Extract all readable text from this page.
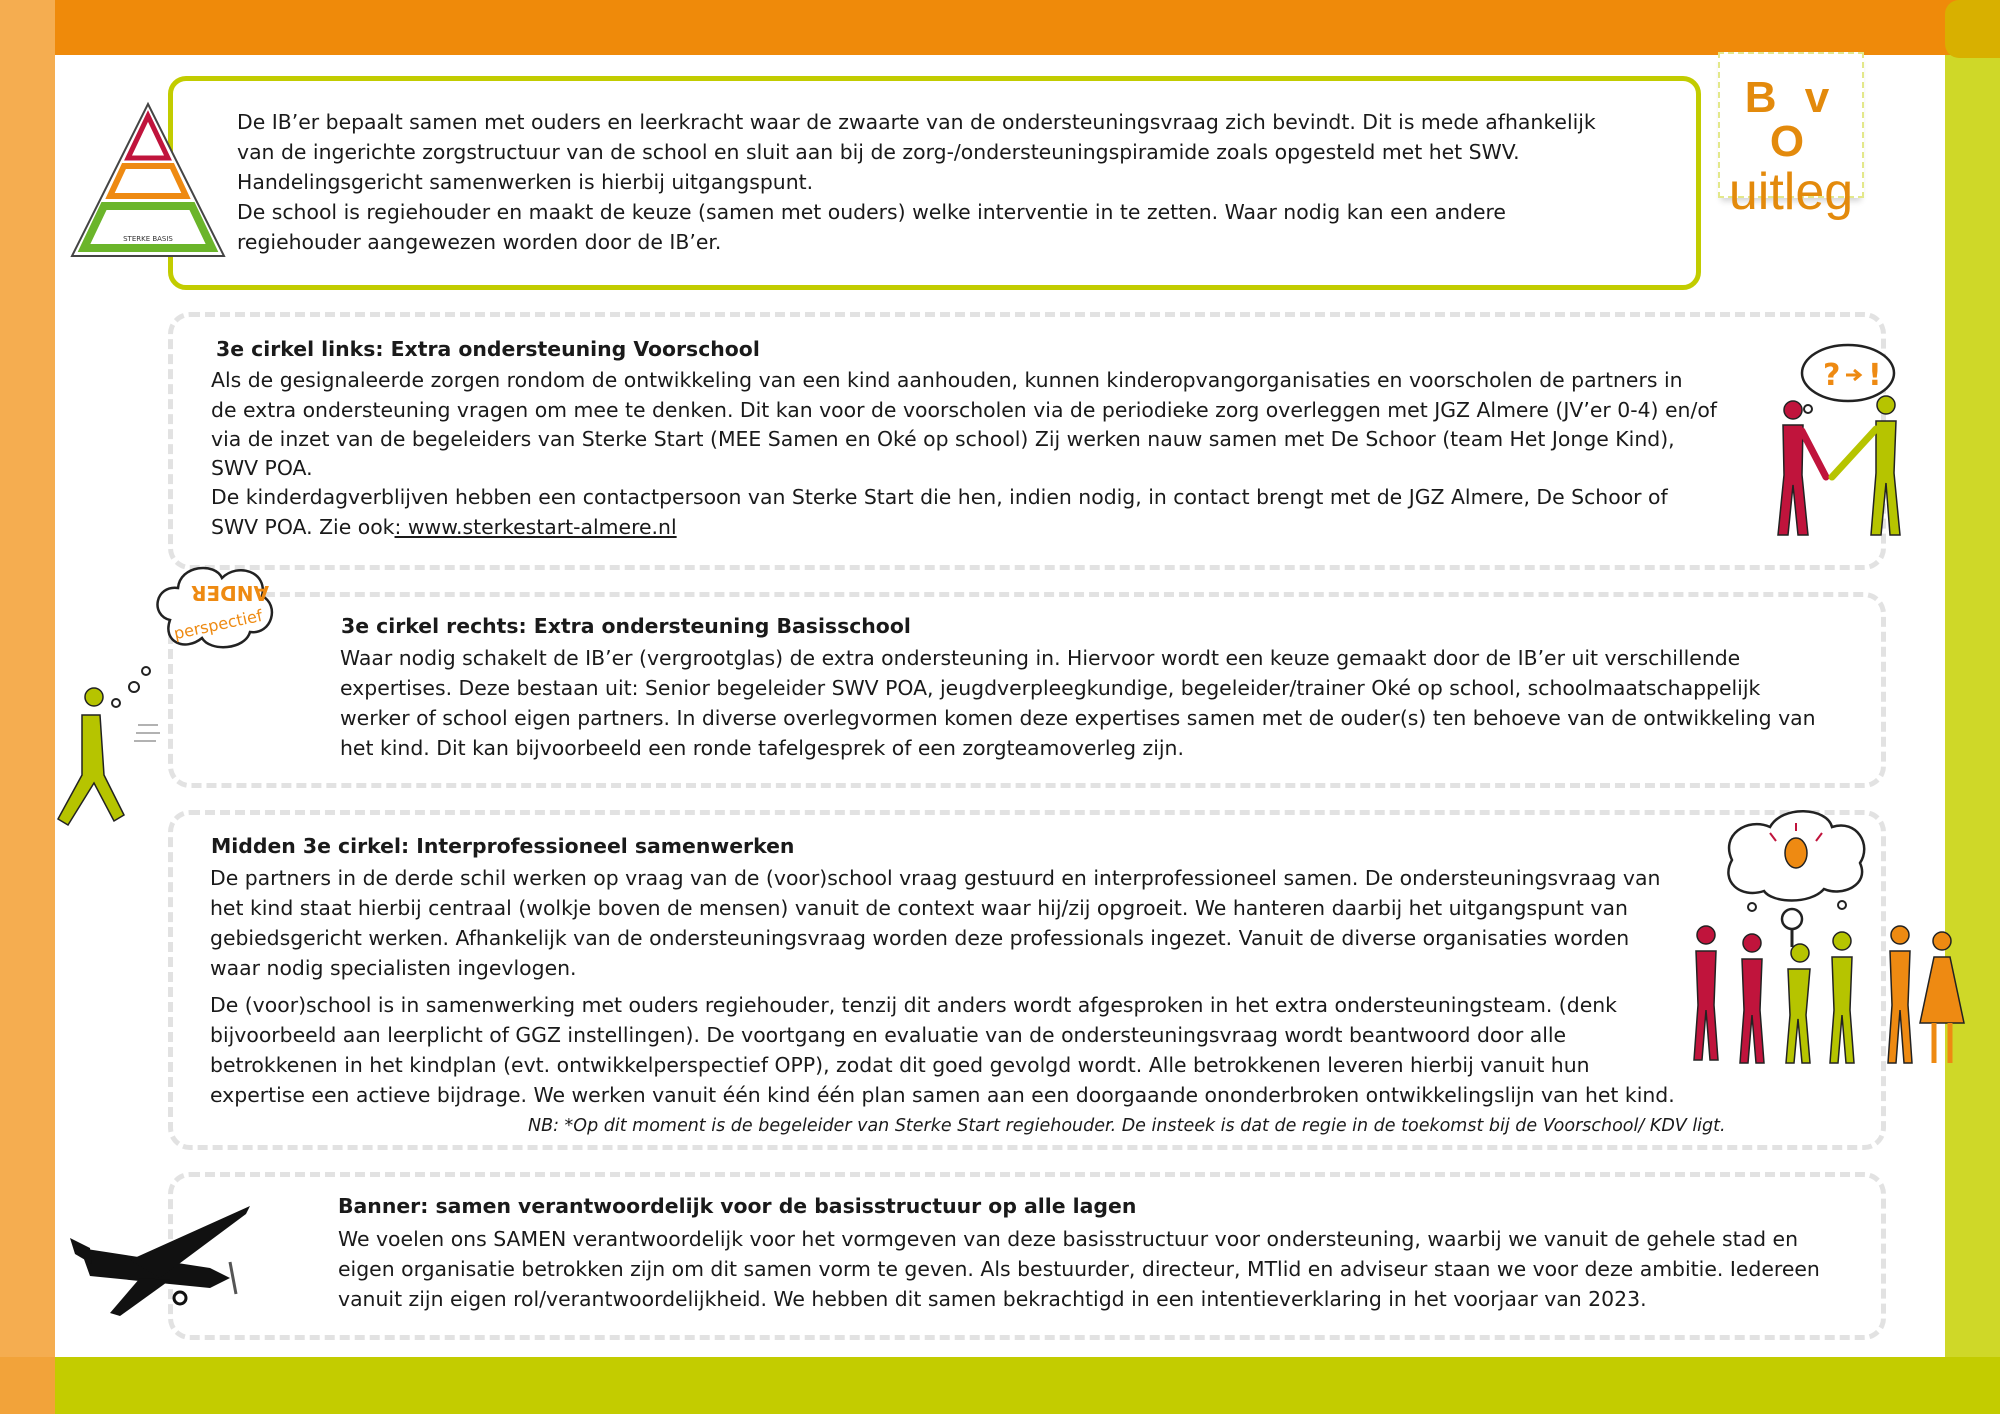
B v O
uitleg
STERKE BASIS
De IB’er bepaalt samen met ouders en leerkracht waar de zwaarte van de ondersteuningsvraag zich bevindt. Dit is mede afhankelijk
van de ingerichte zorgstructuur van de school en sluit aan bij de zorg-/ondersteuningspiramide zoals opgesteld met het SWV.
Handelingsgericht samenwerken is hierbij uitgangspunt.
De school is regiehouder en maakt de keuze (samen met ouders) welke interventie in te zetten. Waar nodig kan een andere
regiehouder aangewezen worden door de IB’er.
3e cirkel links: Extra ondersteuning Voorschool
Als de gesignaleerde zorgen rondom de ontwikkeling van een kind aanhouden, kunnen kinderopvangorganisaties en voorscholen de partners in
de extra ondersteuning vragen om mee te denken. Dit kan voor de voorscholen via de periodieke zorg overleggen met JGZ Almere (JV’er 0-4) en/of
via de inzet van de begeleiders van Sterke Start (MEE Samen en Oké op school) Zij werken nauw samen met De Schoor (team Het Jonge Kind),
SWV POA.
De kinderdagverblijven hebben een contactpersoon van Sterke Start die hen, indien nodig, in contact brengt met de JGZ Almere, De Schoor of
SWV POA. Zie ook: www.sterkestart-almere.nl
? !
3e cirkel rechts: Extra ondersteuning Basisschool
Waar nodig schakelt de IB’er (vergrootglas) de extra ondersteuning in. Hiervoor wordt een keuze gemaakt door de IB’er uit verschillende
expertises. Deze bestaan uit: Senior begeleider SWV POA, jeugdverpleegkundige, begeleider/trainer Oké op school, schoolmaatschappelijk
werker of school eigen partners. In diverse overlegvormen komen deze expertises samen met de ouder(s) ten behoeve van de ontwikkeling van
het kind. Dit kan bijvoorbeeld een ronde tafelgesprek of een zorgteamoverleg zijn.
ANDER
perspectief
Midden 3e cirkel: Interprofessioneel samenwerken
De partners in de derde schil werken op vraag van de (voor)school vraag gestuurd en interprofessioneel samen. De ondersteuningsvraag van
het kind staat hierbij centraal (wolkje boven de mensen) vanuit de context waar hij/zij opgroeit. We hanteren daarbij het uitgangspunt van
gebiedsgericht werken. Afhankelijk van de ondersteuningsvraag worden deze professionals ingezet. Vanuit de diverse organisaties worden
waar nodig specialisten ingevlogen.
De (voor)school is in samenwerking met ouders regiehouder, tenzij dit anders wordt afgesproken in het extra ondersteuningsteam. (denk
bijvoorbeeld aan leerplicht of GGZ instellingen). De voortgang en evaluatie van de ondersteuningsvraag wordt beantwoord door alle
betrokkenen in het kindplan (evt. ontwikkelperspectief OPP), zodat dit goed gevolgd wordt. Alle betrokkenen leveren hierbij vanuit hun
expertise een actieve bijdrage. We werken vanuit één kind één plan samen aan een doorgaande ononderbroken ontwikkelingslijn van het kind.
NB: *Op dit moment is de begeleider van Sterke Start regiehouder. De insteek is dat de regie in de toekomst bij de Voorschool/ KDV ligt.
Banner: samen verantwoordelijk voor de basisstructuur op alle lagen
We voelen ons SAMEN verantwoordelijk voor het vormgeven van deze basisstructuur voor ondersteuning, waarbij we vanuit de gehele stad en
eigen organisatie betrokken zijn om dit samen vorm te geven. Als bestuurder, directeur, MTlid en adviseur staan we voor deze ambitie. Iedereen
vanuit zijn eigen rol/verantwoordelijkheid. We hebben dit samen bekrachtigd in een intentieverklaring in het voorjaar van 2023.
